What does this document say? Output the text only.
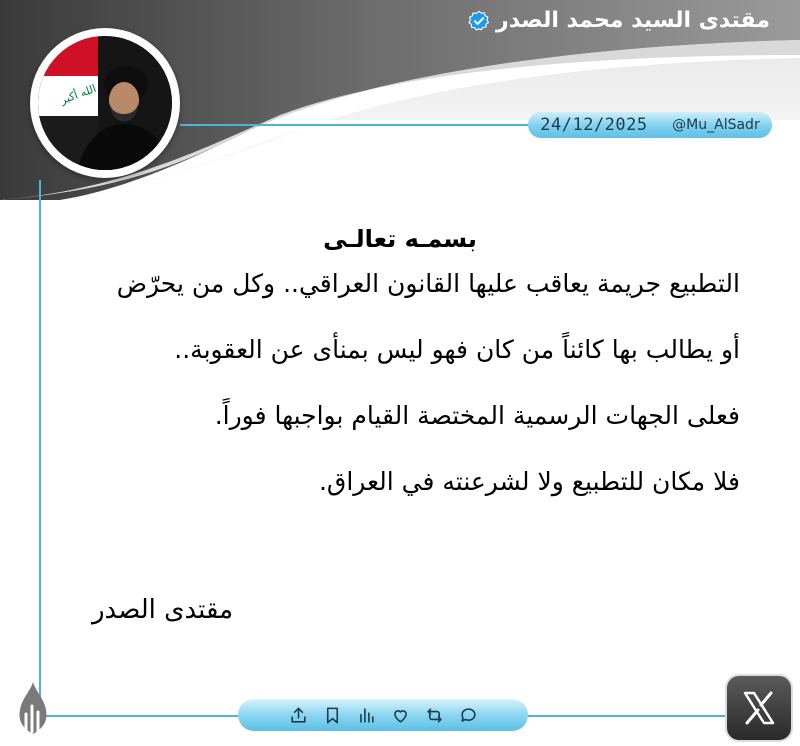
الله أكبر
مقتدى السيد محمد الصدر
24/12/2025 @Mu_AlSadr
بسمـه تعالـى
التطبيع جريمة يعاقب عليها القانون العراقي.. وكل من يحرّض
أو يطالب بها كائناً من كان فهو ليس بمنأى عن العقوبة..
فعلى الجهات الرسمية المختصة القيام بواجبها فوراً.
فلا مكان للتطبيع ولا لشرعنته في العراق.
مقتدى الصدر
